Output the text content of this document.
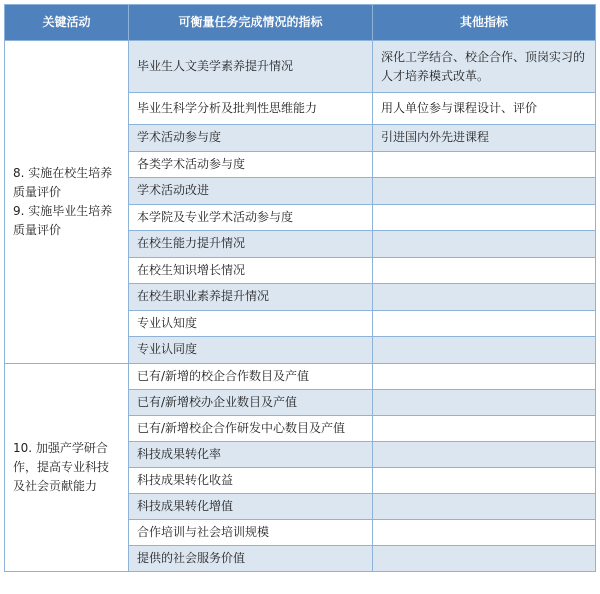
关键活动	可衡量任务完成情况的指标	其他指标

8. 实施在校生培养质量评价
9. 实施毕业生培养质量评价	毕业生人文美学素养提升情况	深化工学结合、校企合作、顶岗实习的人才培养模式改革。
	毕业生科学分析及批判性思维能力	用人单位参与课程设计、评价
	学术活动参与度	引进国内外先进课程
	各类学术活动参与度	
	学术活动改进	
	本学院及专业学术活动参与度	
	在校生能力提升情况	
	在校生知识增长情况	
	在校生职业素养提升情况	
	专业认知度	
	专业认同度	

10. 加强产学研合作，提高专业科技及社会贡献能力	已有/新增的校企合作数目及产值	
	已有/新增校办企业数目及产值	
	已有/新增校企合作研发中心数目及产值	
	科技成果转化率	
	科技成果转化收益	
	科技成果转化增值	
	合作培训与社会培训规模	
	提供的社会服务价值	
